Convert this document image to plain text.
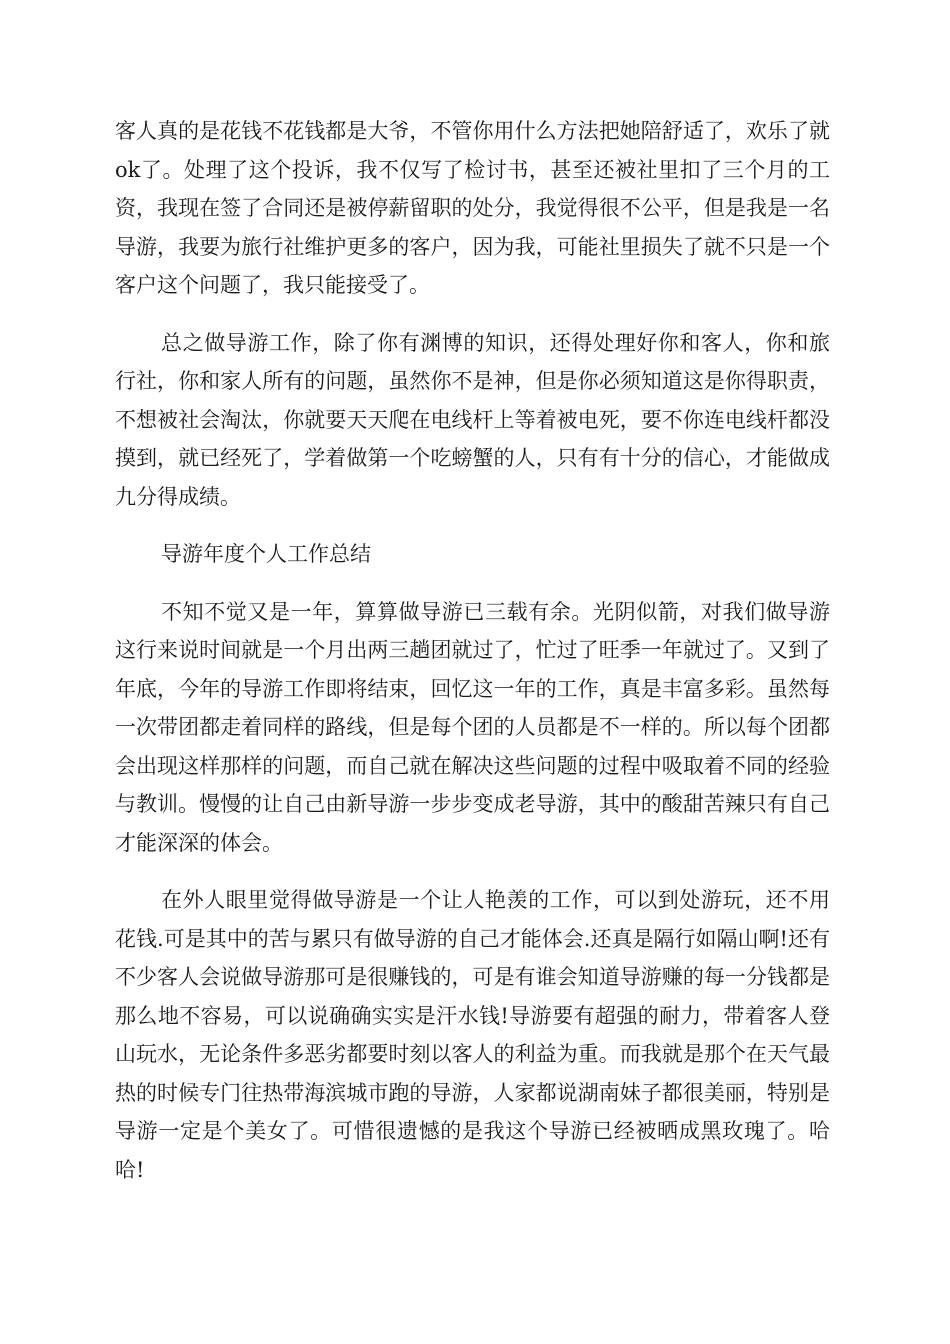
客人真的是花钱不花钱都是大爷，不管你用什么方法把她陪舒适了，欢乐了就ok了。处理了这个投诉，我不仅写了检讨书，甚至还被社里扣了三个月的工资，我现在签了合同还是被停薪留职的处分，我觉得很不公平，但是我是一名导游，我要为旅行社维护更多的客户，因为我，可能社里损失了就不只是一个客户这个问题了，我只能接受了。

总之做导游工作，除了你有渊博的知识，还得处理好你和客人，你和旅行社，你和家人所有的问题，虽然你不是神，但是你必须知道这是你得职责，不想被社会淘汰，你就要天天爬在电线杆上等着被电死，要不你连电线杆都没摸到，就已经死了，学着做第一个吃螃蟹的人，只有有十分的信心，才能做成九分得成绩。

导游年度个人工作总结

不知不觉又是一年，算算做导游已三载有余。光阴似箭，对我们做导游这行来说时间就是一个月出两三趟团就过了，忙过了旺季一年就过了。又到了年底，今年的导游工作即将结束，回忆这一年的工作，真是丰富多彩。虽然每一次带团都走着同样的路线，但是每个团的人员都是不一样的。所以每个团都会出现这样那样的问题，而自己就在解决这些问题的过程中吸取着不同的经验与教训。慢慢的让自己由新导游一步步变成老导游，其中的酸甜苦辣只有自己才能深深的体会。

在外人眼里觉得做导游是一个让人艳羡的工作，可以到处游玩，还不用花钱.可是其中的苦与累只有做导游的自己才能体会.还真是隔行如隔山啊!还有不少客人会说做导游那可是很赚钱的，可是有谁会知道导游赚的每一分钱都是那么地不容易，可以说确确实实是汗水钱!导游要有超强的耐力，带着客人登山玩水，无论条件多恶劣都要时刻以客人的利益为重。而我就是那个在天气最热的时候专门往热带海滨城市跑的导游，人家都说湖南妹子都很美丽，特别是导游一定是个美女了。可惜很遗憾的是我这个导游已经被晒成黑玫瑰了。哈哈!
